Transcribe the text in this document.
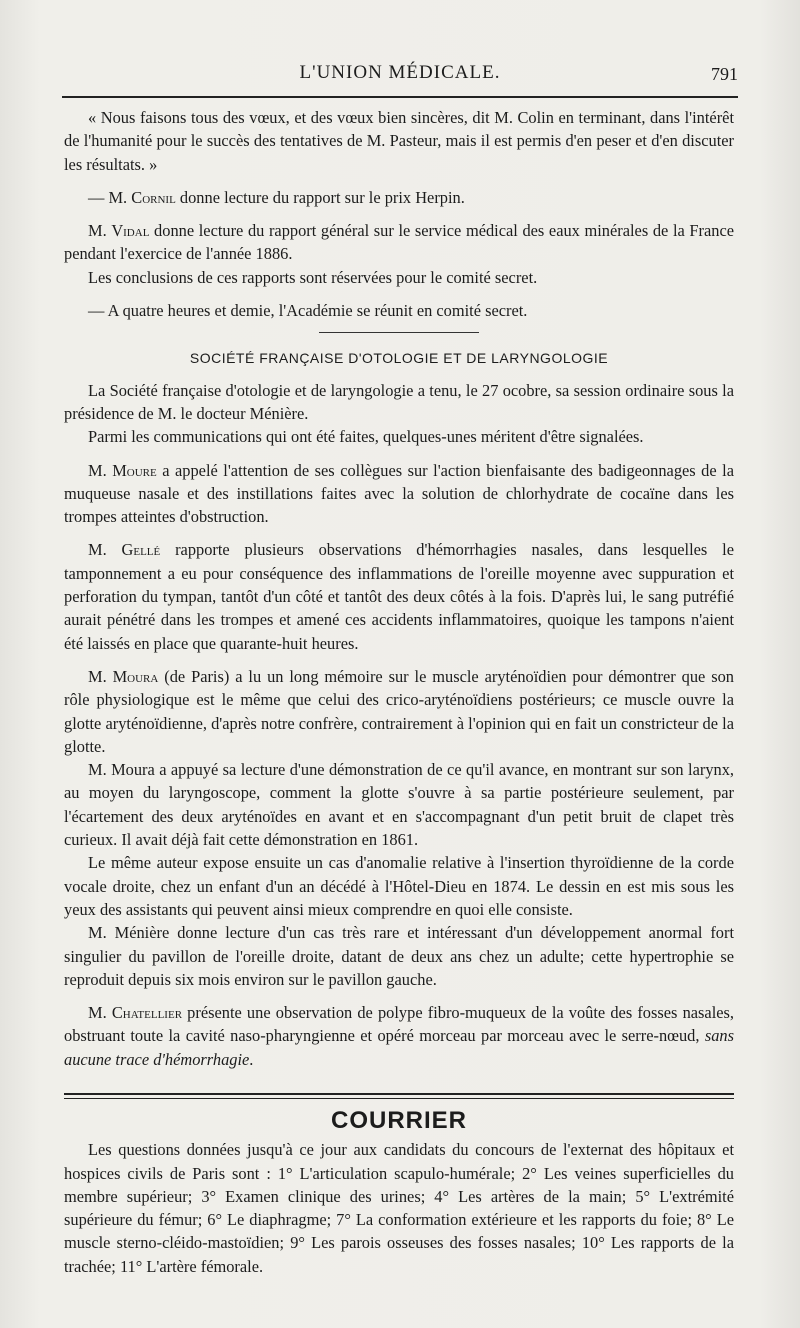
L'UNION MÉDICALE.	791

« Nous faisons tous des vœux, et des vœux bien sincères, dit M. Colin en terminant, dans l'intérêt de l'humanité pour le succès des tentatives de M. Pasteur, mais il est permis d'en peser et d'en discuter les résultats. »

— M. Cornil donne lecture du rapport sur le prix Herpin.

M. Vidal donne lecture du rapport général sur le service médical des eaux minérales de la France pendant l'exercice de l'année 1886.

Les conclusions de ces rapports sont réservées pour le comité secret.

— A quatre heures et demie, l'Académie se réunit en comité secret.

SOCIÉTÉ FRANÇAISE D'OTOLOGIE ET DE LARYNGOLOGIE

La Société française d'otologie et de laryngologie a tenu, le 27 ocobre, sa session ordinaire sous la présidence de M. le docteur Ménière.

Parmi les communications qui ont été faites, quelques-unes méritent d'être signalées.

M. Moure a appelé l'attention de ses collègues sur l'action bienfaisante des badigeonnages de la muqueuse nasale et des instillations faites avec la solution de chlorhydrate de cocaïne dans les trompes atteintes d'obstruction.

M. Gellé rapporte plusieurs observations d'hémorrhagies nasales, dans lesquelles le tamponnement a eu pour conséquence des inflammations de l'oreille moyenne avec suppuration et perforation du tympan, tantôt d'un côté et tantôt des deux côtés à la fois. D'après lui, le sang putréfié aurait pénétré dans les trompes et amené ces accidents inflammatoires, quoique les tampons n'aient été laissés en place que quarante-huit heures.

M. Moura (de Paris) a lu un long mémoire sur le muscle aryténoïdien pour démontrer que son rôle physiologique est le même que celui des crico-aryténoïdiens postérieurs; ce muscle ouvre la glotte aryténoïdienne, d'après notre confrère, contrairement à l'opinion qui en fait un constricteur de la glotte.

M. Moura a appuyé sa lecture d'une démonstration de ce qu'il avance, en montrant sur son larynx, au moyen du laryngoscope, comment la glotte s'ouvre à sa partie postérieure seulement, par l'écartement des deux aryténoïdes en avant et en s'accompagnant d'un petit bruit de clapet très curieux. Il avait déjà fait cette démonstration en 1861.

Le même auteur expose ensuite un cas d'anomalie relative à l'insertion thyroïdienne de la corde vocale droite, chez un enfant d'un an décédé à l'Hôtel-Dieu en 1874. Le dessin en est mis sous les yeux des assistants qui peuvent ainsi mieux comprendre en quoi elle consiste.

M. Ménière donne lecture d'un cas très rare et intéressant d'un développement anormal fort singulier du pavillon de l'oreille droite, datant de deux ans chez un adulte; cette hypertrophie se reproduit depuis six mois environ sur le pavillon gauche.

M. Chatellier présente une observation de polype fibro-muqueux de la voûte des fosses nasales, obstruant toute la cavité naso-pharyngienne et opéré morceau par morceau avec le serre-nœud, sans aucune trace d'hémorrhagie.

COURRIER

Les questions données jusqu'à ce jour aux candidats du concours de l'externat des hôpitaux et hospices civils de Paris sont : 1° L'articulation scapulo-humérale; 2° Les veines superficielles du membre supérieur; 3° Examen clinique des urines; 4° Les artères de la main; 5° L'extrémité supérieure du fémur; 6° Le diaphragme; 7° La conformation extérieure et les rapports du foie; 8° Le muscle sterno-cléido-mastoïdien; 9° Les parois osseuses des fosses nasales; 10° Les rapports de la trachée; 11° L'artère fémorale.
